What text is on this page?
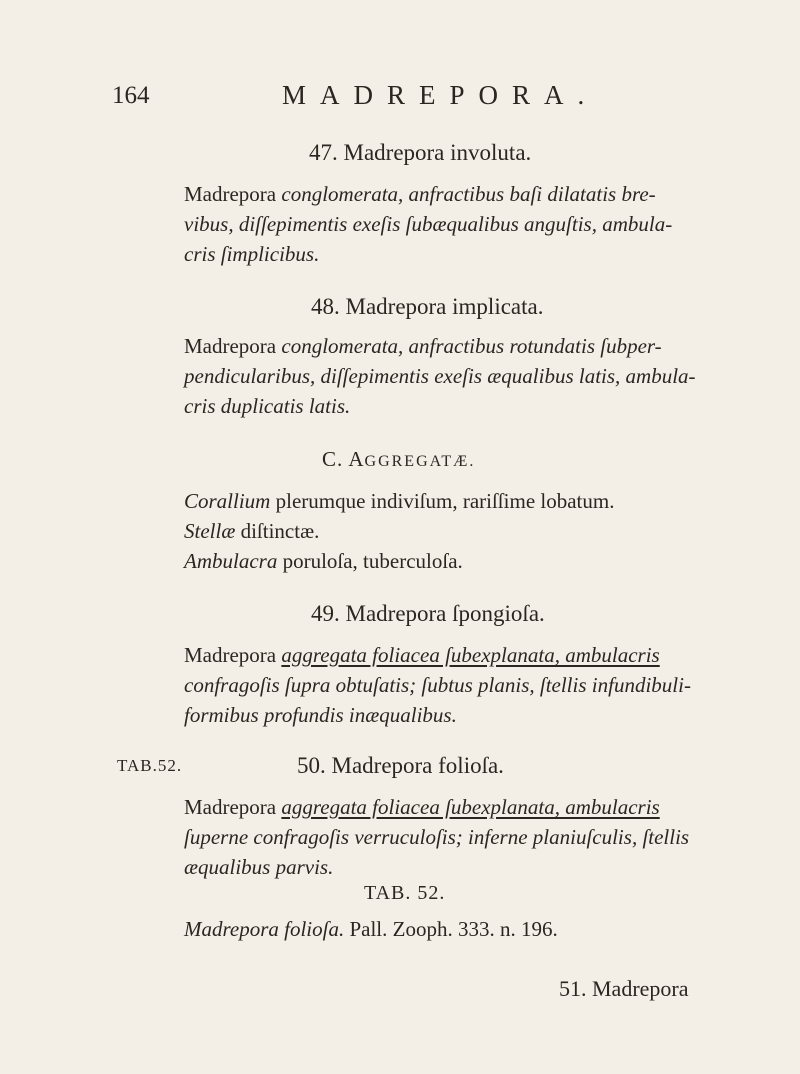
164	MADREPORA.
47. Madrepora involuta.
Madrepora conglomerata, anfractibus baſi dilatatis bre-
vibus, diſſepimentis exeſis ſubæqualibus anguſtis, ambula-
cris ſimplicibus.
48. Madrepora implicata.
Madrepora conglomerata, anfractibus rotundatis ſubper-
pendicularibus, diſſepimentis exeſis æqualibus latis, ambula-
cris duplicatis latis.
C. AGGREGATÆ.
Corallium plerumque indiviſum, rariſſime lobatum.
Stellæ diſtinctæ.
Ambulacra poruloſa, tuberculoſa.
49. Madrepora ſpongioſa.
Madrepora aggregata foliacea ſubexplanata, ambulacris
confragoſis ſupra obtuſatis; ſubtus planis, ſtellis infundibuli-
formibus profundis inæqualibus.
TAB.52.	50. Madrepora folioſa.
Madrepora aggregata foliacea ſubexplanata, ambulacris
ſuperne confragoſis verruculoſis; inferne planiuſculis, ſtellis
æqualibus parvis.
TAB. 52.
Madrepora folioſa. Pall. Zooph. 333. n. 196.
51. Madrepora
